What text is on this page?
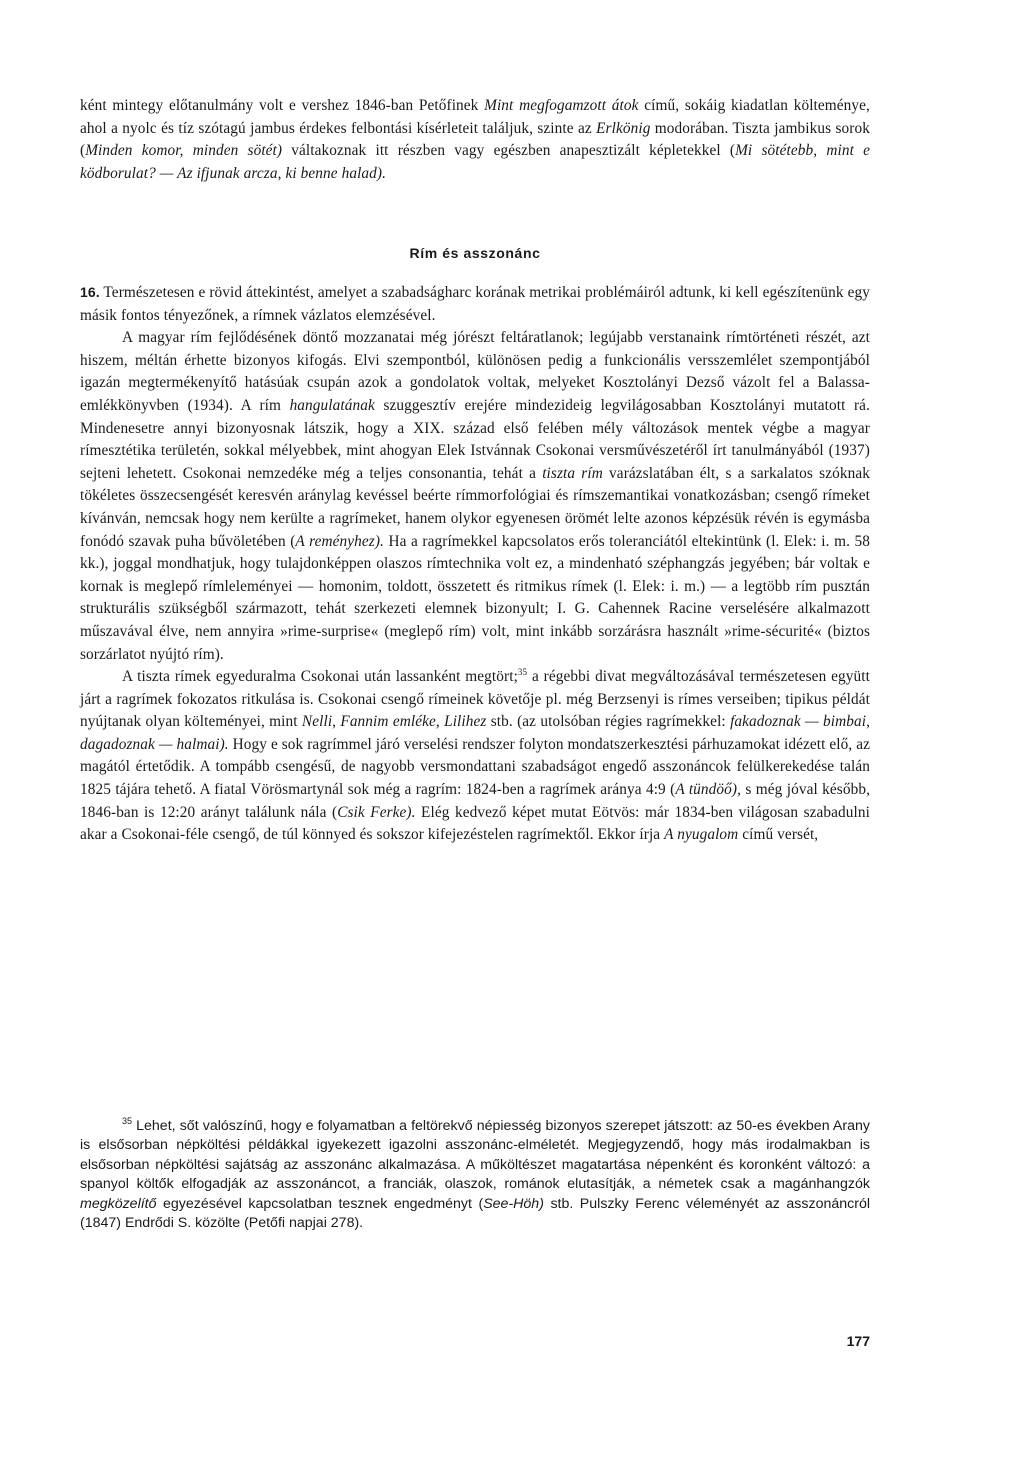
ként mintegy előtanulmány volt e vershez 1846-ban Petőfinek Mint megfogamzott átok című, sokáig kiadatlan költeménye, ahol a nyolc és tíz szótagú jambus érdekes felbontási kísérleteit találjuk, szinte az Erlkönig modorában. Tiszta jambikus sorok (Minden komor, minden sötét) váltakoznak itt részben vagy egészben anapesztizált képletekkel (Mi sötétebb, mint e ködborulat? — Az ifjunak arcza, ki benne halad).

Rím és asszonánc

16. Természetesen e rövid áttekintést, amelyet a szabadságharc korának metrikai problémáiról adtunk, ki kell egészítenünk egy másik fontos tényezőnek, a rímnek vázlatos elemzésével.

A magyar rím fejlődésének döntő mozzanatai még jórészt feltáratlanok; legújabb verstanaink rímtörténeti részét, azt hiszem, méltán érhette bizonyos kifogás. Elvi szempontból, különösen pedig a funkcionális versszemlélet szempontjából igazán megtermékenyítő hatásúak csupán azok a gondolatok voltak, melyeket Kosztolányi Dezső vázolt fel a Balassa-emlékkönyvben (1934). A rím hangulatának szuggesztív erejére mindezideig legvilágosabban Kosztolányi mutatott rá. Mindenesetre annyi bizonyosnak látszik, hogy a XIX. század első felében mély változások mentek végbe a magyar rímesztétika területén, sokkal mélyebbek, mint ahogyan Elek Istvánnak Csokonai versművészetéről írt tanulmányából (1937) sejteni lehetett. Csokonai nemzedéke még a teljes consonantia, tehát a tiszta rím varázslatában élt, s a sarkalatos szóknak tökéletes összecsengését keresvén aránylag kevéssel beérte rímmorfológiai és rímszemantikai vonatkozásban; csengő rímeket kívánván, nemcsak hogy nem kerülte a ragrímeket, hanem olykor egyenesen örömét lelte azonos képzésük révén is egymásba fonódó szavak puha bűvöletében (A reményhez). Ha a ragrímekkel kapcsolatos erős toleranciától eltekintünk (l. Elek: i. m. 58 kk.), joggal mondhatjuk, hogy tulajdonképpen olaszos rímtechnika volt ez, a mindenható széphangzás jegyében; bár voltak e kornak is meglepő rímleleményei — homonim, toldott, összetett és ritmikus rímek (l. Elek: i. m.) — a legtöbb rím pusztán strukturális szükségből származott, tehát szerkezeti elemnek bizonyult; I. G. Cahennek Racine verselésére alkalmazott műszavával élve, nem annyira »rime-surprise« (meglepő rím) volt, mint inkább sorzárásra használt »rime-sécurité« (biztos sorzárlatot nyújtó rím).

A tiszta rímek egyeduralma Csokonai után lassanként megtört;$^{35}$ a régebbi divat megváltozásával természetesen együtt járt a ragrímek fokozatos ritkulása is. Csokonai csengő rímeinek követője pl. még Berzsenyi is rímes verseiben; tipikus példát nyújtanak olyan költeményei, mint Nelli, Fannim emléke, Lilihez stb. (az utolsóban régies ragrímekkel: fakadoznak — bimbai, dagadoznak — halmai). Hogy e sok ragrímmel járó verselési rendszer folyton mondatszerkesztési párhuzamokat idézett elő, az magától értetődik. A tompább csengésű, de nagyobb versmondattani szabadságot engedő asszonáncok felülkerekedése talán 1825 tájára tehető. A fiatal Vörösmartynál sok még a ragrím: 1824-ben a ragrímek aránya 4:9 (A tündöő), s még jóval később, 1846-ban is 12:20 arányt találunk nála (Csik Ferke). Elég kedvező képet mutat Eötvös: már 1834-ben világosan szabadulni akar a Csokonai-féle csengő, de túl könnyed és sokszor kifejezéstelen ragrímektől. Ekkor írja A nyugalom című versét,

$^{35}$ Lehet, sőt valószínű, hogy e folyamatban a feltörekvő népiesség bizonyos szerepet játszott: az 50-es években Arany is elsősorban népköltési példákkal igyekezett igazolni asszonánc-elméletét. Megjegyzendő, hogy más irodalmakban is elsősorban népköltési sajátság az asszonánc alkalmazása. A műköltészet magatartása népenként és koronként változó: a spanyol költők elfogadják az asszonáncot, a franciák, olaszok, románok elutasítják, a németek csak a magánhangzók megközelítő egyezésével kapcsolatban tesznek engedményt (See-Höh) stb. Pulszky Ferenc véleményét az asszonáncról (1847) Endrődi S. közölte (Petőfi napjai 278).

177
